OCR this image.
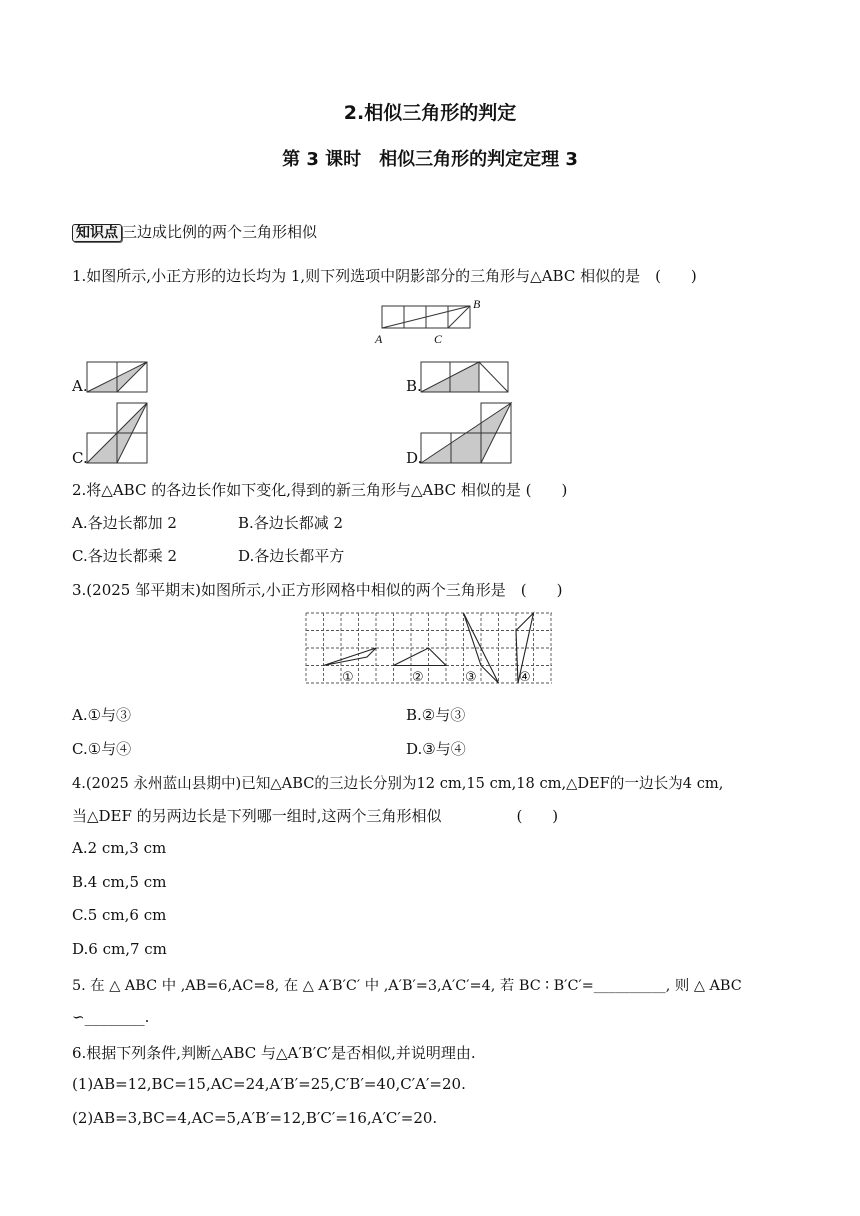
2.相似三角形的判定
第 3 课时　相似三角形的判定定理 3
知识点 三边成比例的两个三角形相似
1.如图所示,小正方形的边长均为 1,则下列选项中阴影部分的三角形与△ABC 相似的是　(　　)
A	C
B
A.	B.
C.	D.
2.将△ABC 的各边长作如下变化,得到的新三角形与△ABC 相似的是 (　　)
A.各边长都加 2	B.各边长都减 2
C.各边长都乘 2	D.各边长都平方
3.(2025 邹平期末)如图所示,小正方形网格中相似的两个三角形是　(　　)
①	②	③	④
A.①与③	B.②与③
C.①与④	D.③与④
4.(2025 永州蓝山县期中)已知△ABC的三边长分别为12 cm,15 cm,18 cm,△DEF的一边长为4 cm,
当△DEF 的另两边长是下列哪一组时,这两个三角形相似　　　　　(　　)
A.2 cm,3 cm
B.4 cm,5 cm
C.5 cm,6 cm
D.6 cm,7 cm
5. 在 △ ABC 中 ,AB=6,AC=8, 在 △ A′B′C′ 中 ,A′B′=3,A′C′=4, 若 BC ∶ B′C′=__________, 则 △ ABC
∽________.
6.根据下列条件,判断△ABC 与△A′B′C′是否相似,并说明理由.
(1)AB=12,BC=15,AC=24,A′B′=25,C′B′=40,C′A′=20.
(2)AB=3,BC=4,AC=5,A′B′=12,B′C′=16,A′C′=20.
